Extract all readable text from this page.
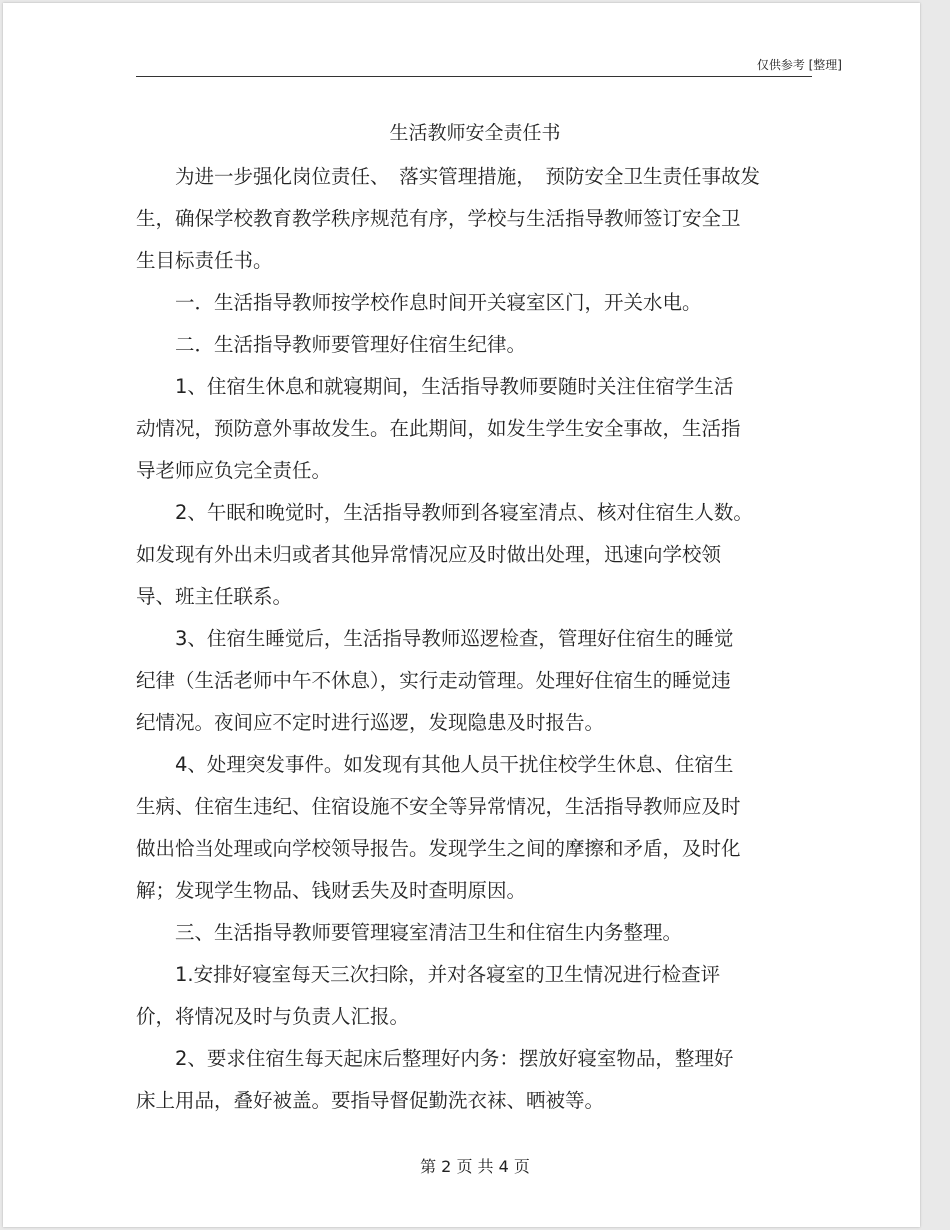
仅供参考 [整理]
生活教师安全责任书

　　为进一步强化岗位责任、　落实管理措施，　预防安全卫生责任事故发

生，确保学校教育教学秩序规范有序，学校与生活指导教师签订安全卫

生目标责任书。

　　一．生活指导教师按学校作息时间开关寝室区门，开关水电。

　　二．生活指导教师要管理好住宿生纪律。

　　1、住宿生休息和就寝期间，生活指导教师要随时关注住宿学生活

动情况，预防意外事故发生。在此期间，如发生学生安全事故，生活指

导老师应负完全责任。

　　2、午眠和晚觉时，生活指导教师到各寝室清点、核对住宿生人数。

如发现有外出未归或者其他异常情况应及时做出处理，迅速向学校领

导、班主任联系。

　　3、住宿生睡觉后，生活指导教师巡逻检查，管理好住宿生的睡觉

纪律（生活老师中午不休息），实行走动管理。处理好住宿生的睡觉违

纪情况。夜间应不定时进行巡逻，发现隐患及时报告。

　　4、处理突发事件。如发现有其他人员干扰住校学生休息、住宿生

生病、住宿生违纪、住宿设施不安全等异常情况，生活指导教师应及时

做出恰当处理或向学校领导报告。发现学生之间的摩擦和矛盾，及时化

解；发现学生物品、钱财丢失及时查明原因。

　　三、生活指导教师要管理寝室清洁卫生和住宿生内务整理。

　　1.安排好寝室每天三次扫除，并对各寝室的卫生情况进行检查评

价，将情况及时与负责人汇报。

　　2、要求住宿生每天起床后整理好内务：摆放好寝室物品，整理好

床上用品，叠好被盖。要指导督促勤洗衣袜、晒被等。

第 2 页 共 4 页
